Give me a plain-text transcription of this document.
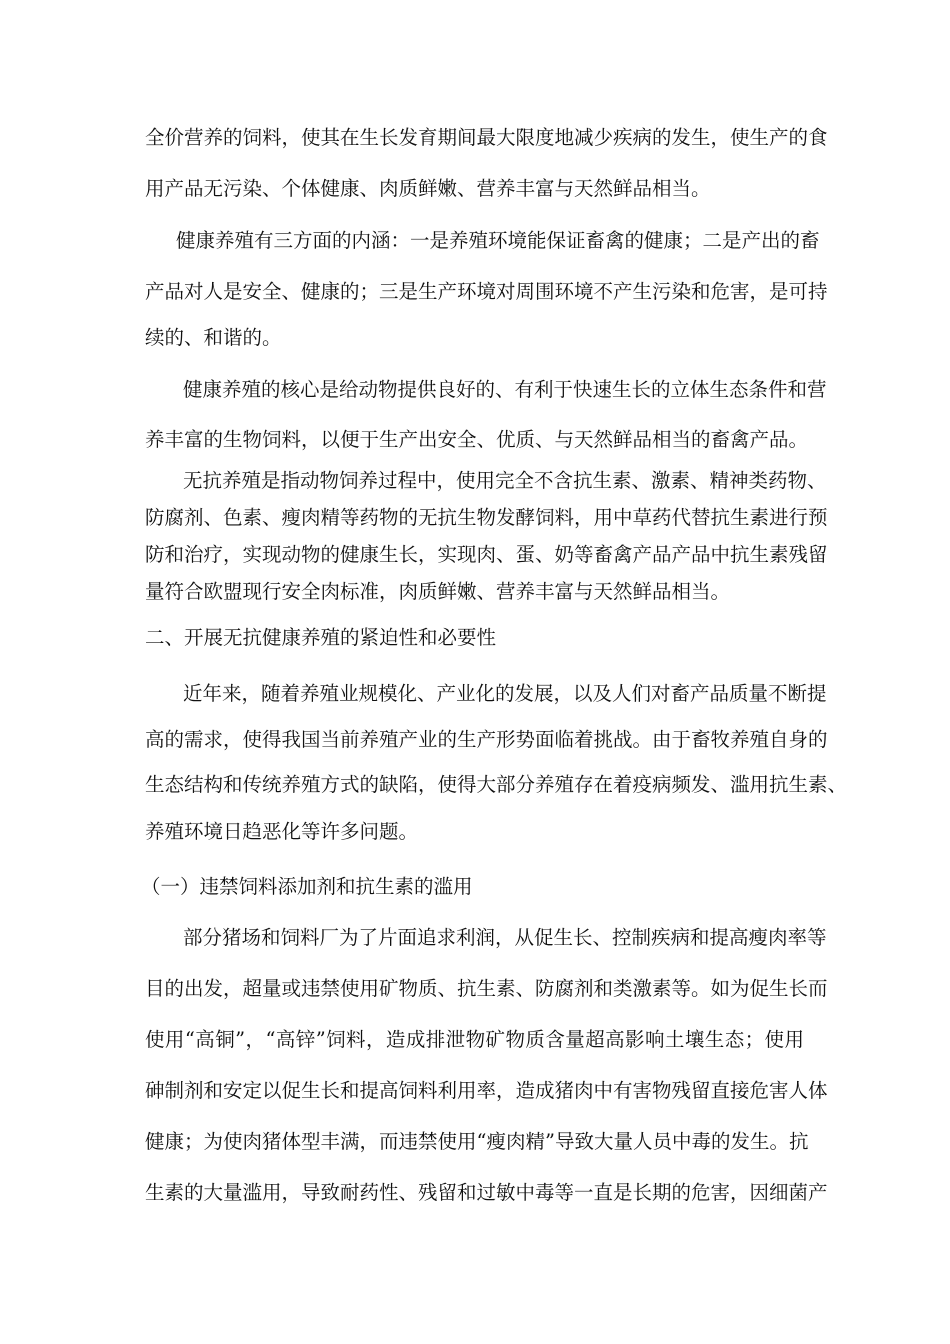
全价营养的饲料，使其在生长发育期间最大限度地减少疾病的发生，使生产的食
用产品无污染、个体健康、肉质鲜嫩、营养丰富与天然鲜品相当。
健康养殖有三方面的内涵：一是养殖环境能保证畜禽的健康；二是产出的畜
产品对人是安全、健康的；三是生产环境对周围环境不产生污染和危害，是可持
续的、和谐的。
健康养殖的核心是给动物提供良好的、有利于快速生长的立体生态条件和营
养丰富的生物饲料，以便于生产出安全、优质、与天然鲜品相当的畜禽产品。
无抗养殖是指动物饲养过程中，使用完全不含抗生素、激素、精神类药物、
防腐剂、色素、瘦肉精等药物的无抗生物发酵饲料，用中草药代替抗生素进行预
防和治疗，实现动物的健康生长，实现肉、蛋、奶等畜禽产品产品中抗生素残留
量符合欧盟现行安全肉标准，肉质鲜嫩、营养丰富与天然鲜品相当。
二、开展无抗健康养殖的紧迫性和必要性
近年来，随着养殖业规模化、产业化的发展，以及人们对畜产品质量不断提
高的需求，使得我国当前养殖产业的生产形势面临着挑战。由于畜牧养殖自身的
生态结构和传统养殖方式的缺陷，使得大部分养殖存在着疫病频发、滥用抗生素、
养殖环境日趋恶化等许多问题。
（一）违禁饲料添加剂和抗生素的滥用
部分猪场和饲料厂为了片面追求利润，从促生长、控制疾病和提高瘦肉率等
目的出发，超量或违禁使用矿物质、抗生素、防腐剂和类激素等。如为促生长而
使用“高铜”，“高锌”饲料，造成排泄物矿物质含量超高影响土壤生态；使用
砷制剂和安定以促生长和提高饲料利用率，造成猪肉中有害物残留直接危害人体
健康；为使肉猪体型丰满，而违禁使用“瘦肉精”导致大量人员中毒的发生。抗
生素的大量滥用，导致耐药性、残留和过敏中毒等一直是长期的危害，因细菌产
